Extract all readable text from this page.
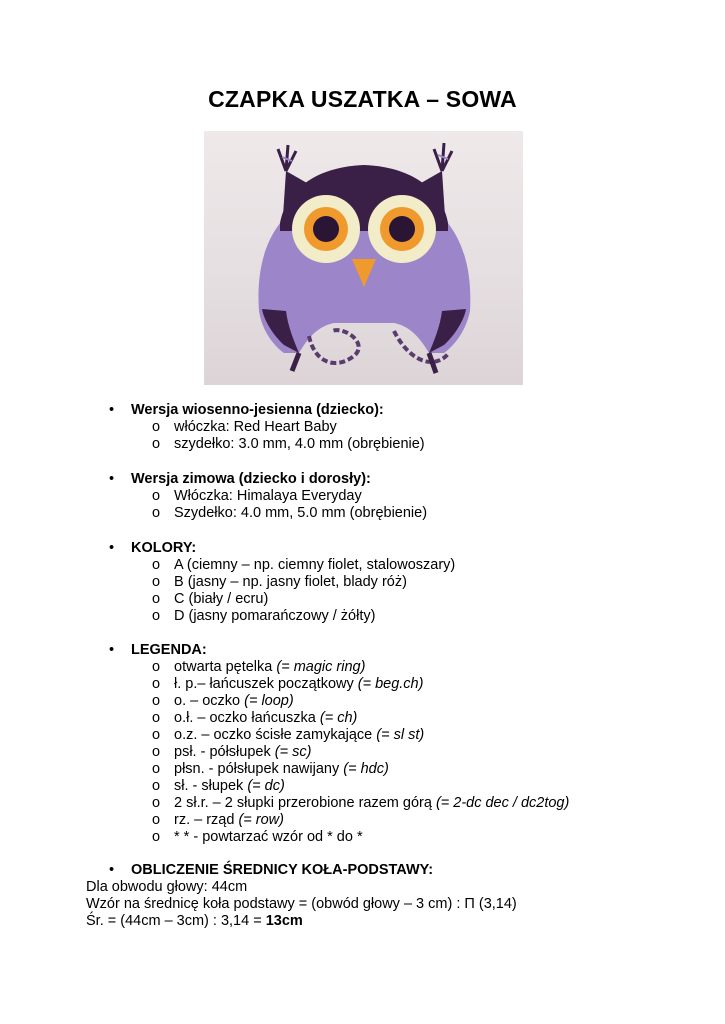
CZAPKA USZATKA – SOWA
• Wersja wiosenno-jesienna (dziecko):
o włóczka: Red Heart Baby
o szydełko: 3.0 mm, 4.0 mm (obrębienie)
• Wersja zimowa (dziecko i dorosły):
o Włóczka: Himalaya Everyday
o Szydełko: 4.0 mm, 5.0 mm (obrębienie)
• KOLORY:
o A (ciemny – np. ciemny fiolet, stalowoszary)
o B (jasny – np. jasny fiolet, blady róż)
o C (biały / ecru)
o D (jasny pomarańczowy / żółty)
• LEGENDA:
o otwarta pętelka (= magic ring)
o ł. p.– łańcuszek początkowy (= beg.ch)
o o. – oczko (= loop)
o o.ł. – oczko łańcuszka (= ch)
o o.z. – oczko ścisłe zamykające (= sl st)
o psł. - półsłupek (= sc)
o płsn. - półsłupek nawijany (= hdc)
o sł. - słupek (= dc)
o 2 sł.r. – 2 słupki przerobione razem górą (= 2-dc dec / dc2tog)
o rz. – rząd (= row)
o * * - powtarzać wzór od * do *
• OBLICZENIE ŚREDNICY KOŁA-PODSTAWY:
Dla obwodu głowy: 44cm
Wzór na średnicę koła podstawy = (obwód głowy – 3 cm) : Π (3,14)
Śr. = (44cm – 3cm) : 3,14 = 13cm
